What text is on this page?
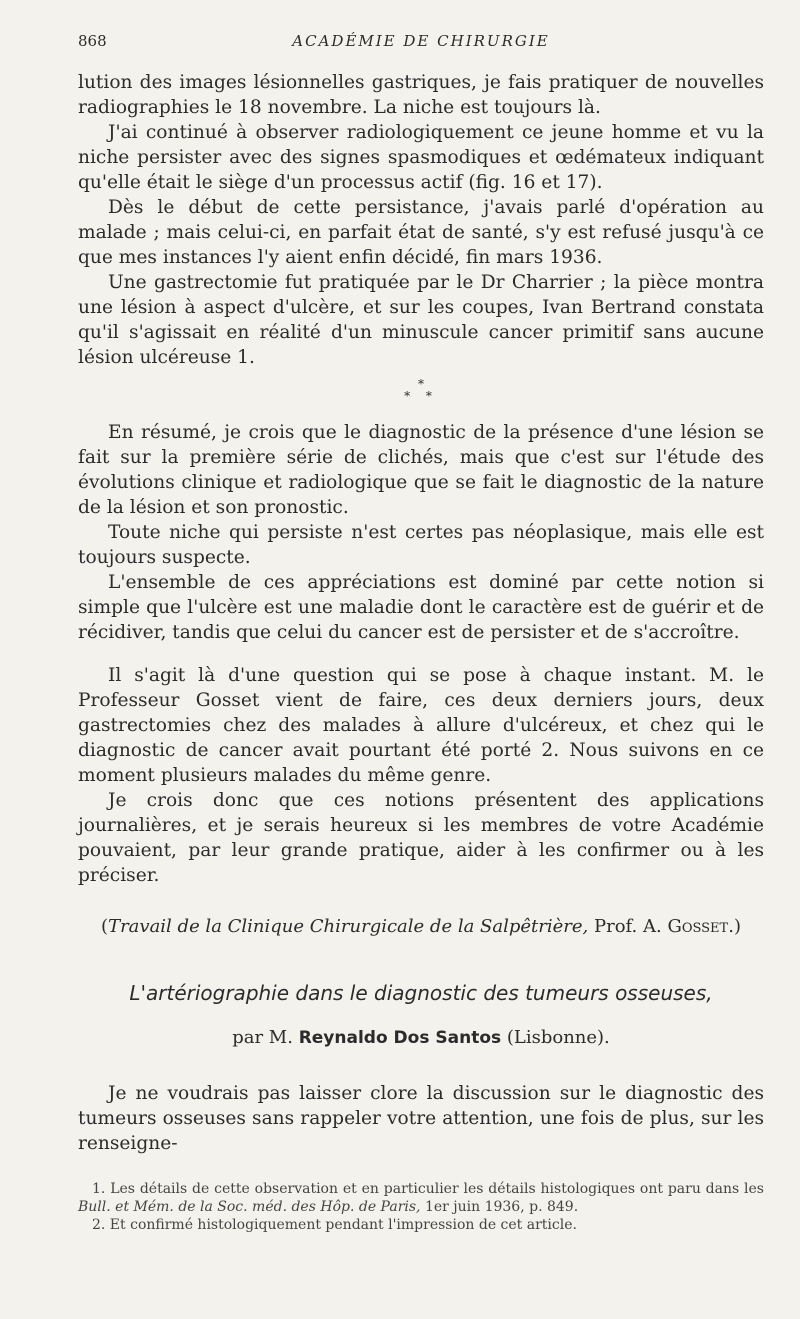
868	ACADÉMIE DE CHIRURGIE

lution des images lésionnelles gastriques, je fais pratiquer de nouvelles radiographies le 18 novembre. La niche est toujours là.

J'ai continué à observer radiologiquement ce jeune homme et vu la niche persister avec des signes spasmodiques et œdémateux indiquant qu'elle était le siège d'un processus actif (fig. 16 et 17).

Dès le début de cette persistance, j'avais parlé d'opération au malade ; mais celui-ci, en parfait état de santé, s'y est refusé jusqu'à ce que mes instances l'y aient enfin décidé, fin mars 1936.

Une gastrectomie fut pratiquée par le Dr Charrier ; la pièce montra une lésion à aspect d'ulcère, et sur les coupes, Ivan Bertrand constata qu'il s'agissait en réalité d'un minuscule cancer primitif sans aucune lésion ulcéreuse 1.

*
* *

En résumé, je crois que le diagnostic de la présence d'une lésion se fait sur la première série de clichés, mais que c'est sur l'étude des évolutions clinique et radiologique que se fait le diagnostic de la nature de la lésion et son pronostic.

Toute niche qui persiste n'est certes pas néoplasique, mais elle est toujours suspecte.

L'ensemble de ces appréciations est dominé par cette notion si simple que l'ulcère est une maladie dont le caractère est de guérir et de récidiver, tandis que celui du cancer est de persister et de s'accroître.

Il s'agit là d'une question qui se pose à chaque instant. M. le Professeur Gosset vient de faire, ces deux derniers jours, deux gastrectomies chez des malades à allure d'ulcéreux, et chez qui le diagnostic de cancer avait pourtant été porté 2. Nous suivons en ce moment plusieurs malades du même genre.

Je crois donc que ces notions présentent des applications journalières, et je serais heureux si les membres de votre Académie pouvaient, par leur grande pratique, aider à les confirmer ou à les préciser.

(Travail de la Clinique Chirurgicale de la Salpêtrière, Prof. A. Gosset.)
L'artériographie dans le diagnostic des tumeurs osseuses,
par M. Reynaldo Dos Santos (Lisbonne).

Je ne voudrais pas laisser clore la discussion sur le diagnostic des tumeurs osseuses sans rappeler votre attention, une fois de plus, sur les renseigne-

1. Les détails de cette observation et en particulier les détails histologiques ont paru dans les Bull. et Mém. de la Soc. méd. des Hôp. de Paris, 1er juin 1936, p. 849.

2. Et confirmé histologiquement pendant l'impression de cet article.
